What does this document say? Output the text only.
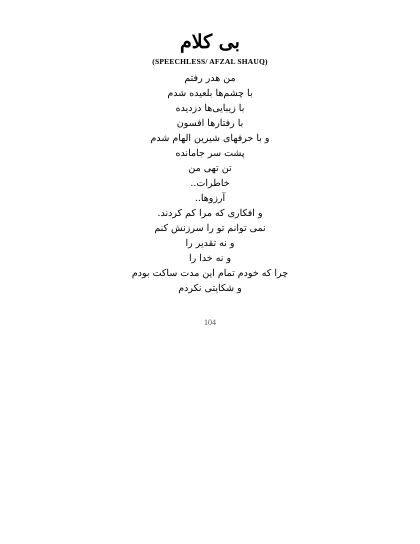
بی کلام
(SPEECHLESS/ AFZAL SHAUQ)
من هدر رفتم
با چشم‌ها بلعیده شدم
با زیبایی‌ها دزدیده
با رفتارها افسون
و با حرفهای شیرین الهام شدم
پشت سر جامانده
تن تهی من
خاطرات..
آرزوها..
و افکاری که مرا کم کردند.
نمی توانم تو را سرزنش کنم
و نه تقدیر را
و نه خدا را
چرا که خودم تمام این مدت ساکت بودم
و شکایتی نکردم
104
